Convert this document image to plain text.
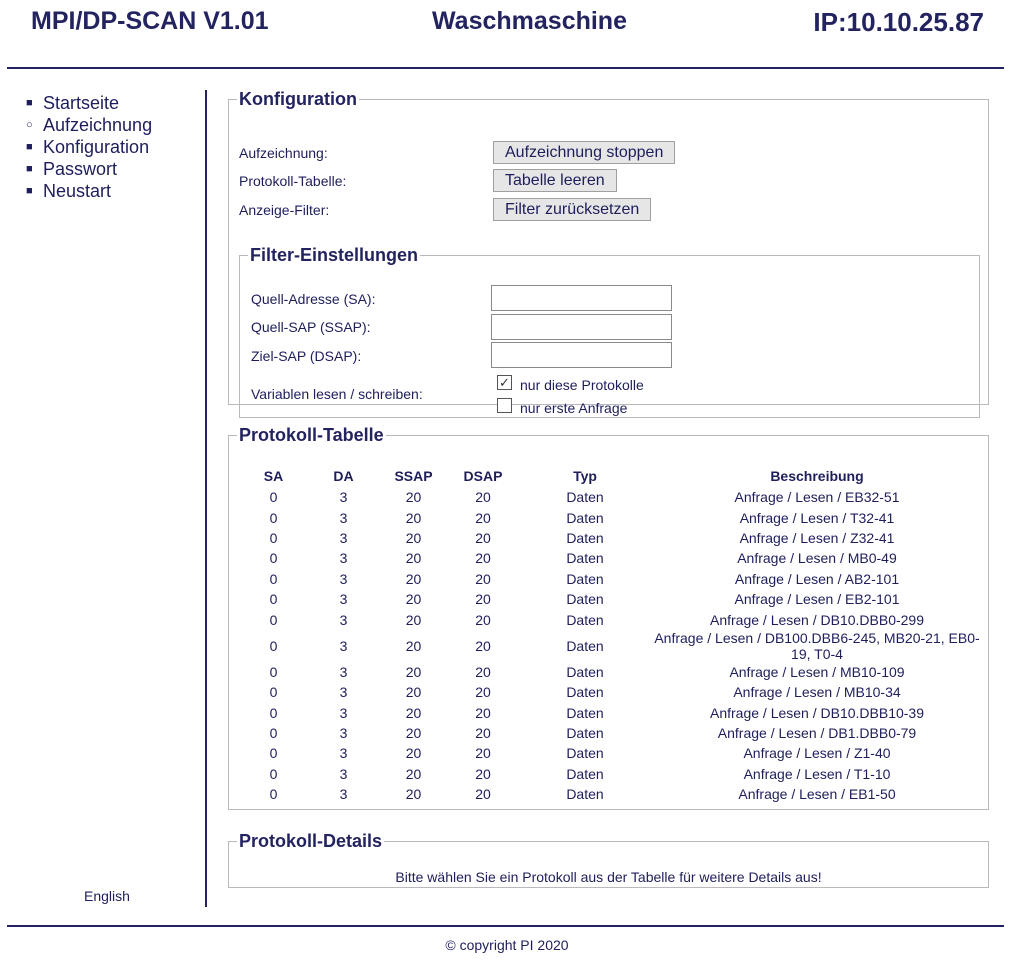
MPI/DP-SCAN V1.01	Waschmaschine	IP:10.10.25.87
■ Startseite
○ Aufzeichnung
■ Konfiguration
■ Passwort
■ Neustart
English
Konfiguration
Aufzeichnung:	Aufzeichnung stoppen
Protokoll-Tabelle:	Tabelle leeren
Anzeige-Filter:	Filter zurücksetzen
Filter-Einstellungen
Quell-Adresse (SA):
Quell-SAP (SSAP):
Ziel-SAP (DSAP):
Variablen lesen / schreiben:
✓ nur diese Protokolle
nur erste Anfrage
Protokoll-Tabelle
SA	DA	SSAP	DSAP	Typ	Beschreibung
0	3	20	20	Daten	Anfrage / Lesen / EB32-51
0	3	20	20	Daten	Anfrage / Lesen / T32-41
0	3	20	20	Daten	Anfrage / Lesen / Z32-41
0	3	20	20	Daten	Anfrage / Lesen / MB0-49
0	3	20	20	Daten	Anfrage / Lesen / AB2-101
0	3	20	20	Daten	Anfrage / Lesen / EB2-101
0	3	20	20	Daten	Anfrage / Lesen / DB10.DBB0-299
0	3	20	20	Daten	Anfrage / Lesen / DB100.DBB6-245, MB20-21, EB0-19, T0-4
0	3	20	20	Daten	Anfrage / Lesen / MB10-109
0	3	20	20	Daten	Anfrage / Lesen / MB10-34
0	3	20	20	Daten	Anfrage / Lesen / DB10.DBB10-39
0	3	20	20	Daten	Anfrage / Lesen / DB1.DBB0-79
0	3	20	20	Daten	Anfrage / Lesen / Z1-40
0	3	20	20	Daten	Anfrage / Lesen / T1-10
0	3	20	20	Daten	Anfrage / Lesen / EB1-50
Protokoll-Details
Bitte wählen Sie ein Protokoll aus der Tabelle für weitere Details aus!
© copyright PI 2020
